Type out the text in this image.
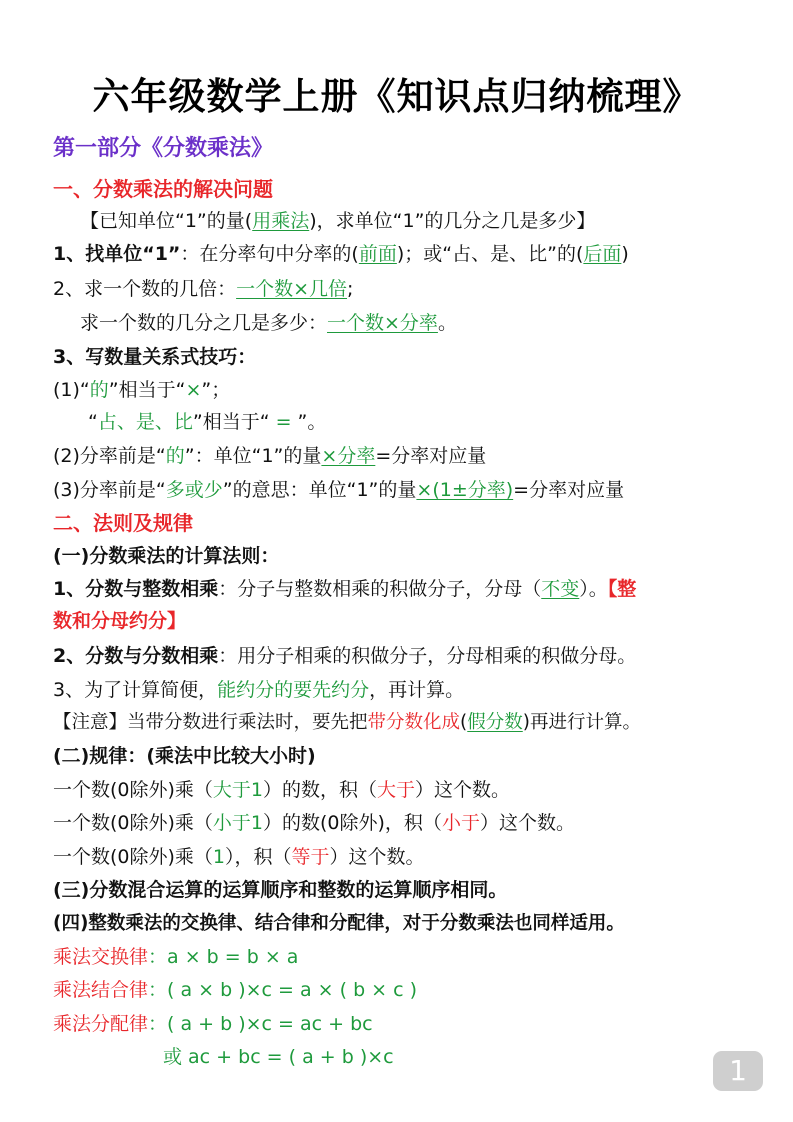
六年级数学上册《知识点归纳梳理》
第一部分《分数乘法》
一、分数乘法的解决问题
【已知单位“1”的量(用乘法)，求单位“1”的几分之几是多少】
1、找单位“1”：在分率句中分率的(前面)；或“占、是、比”的(后面)
2、求一个数的几倍：一个数×几倍;
求一个数的几分之几是多少：一个数×分率。
3、写数量关系式技巧：
(1)“的”相当于“×”；
“占、是、比”相当于“ = ”。
(2)分率前是“的”：单位“1”的量×分率=分率对应量
(3)分率前是“多或少”的意思：单位“1”的量×(1±分率)=分率对应量
二、法则及规律
(一)分数乘法的计算法则：
1、分数与整数相乘：分子与整数相乘的积做分子，分母（不变）。【整
数和分母约分】
2、分数与分数相乘：用分子相乘的积做分子，分母相乘的积做分母。
3、为了计算简便，能约分的要先约分，再计算。
【注意】当带分数进行乘法时，要先把带分数化成(假分数)再进行计算。
(二)规律：(乘法中比较大小时)
一个数(0除外)乘（大于1）的数，积（大于）这个数。
一个数(0除外)乘（小于1）的数(0除外)，积（小于）这个数。
一个数(0除外)乘（1），积（等于）这个数。
(三)分数混合运算的运算顺序和整数的运算顺序相同。
(四)整数乘法的交换律、结合律和分配律，对于分数乘法也同样适用。
乘法交换律：a × b = b × a
乘法结合律：( a × b )×c = a × ( b × c )
乘法分配律：( a + b )×c = ac + bc
或 ac + bc = ( a + b )×c	1
